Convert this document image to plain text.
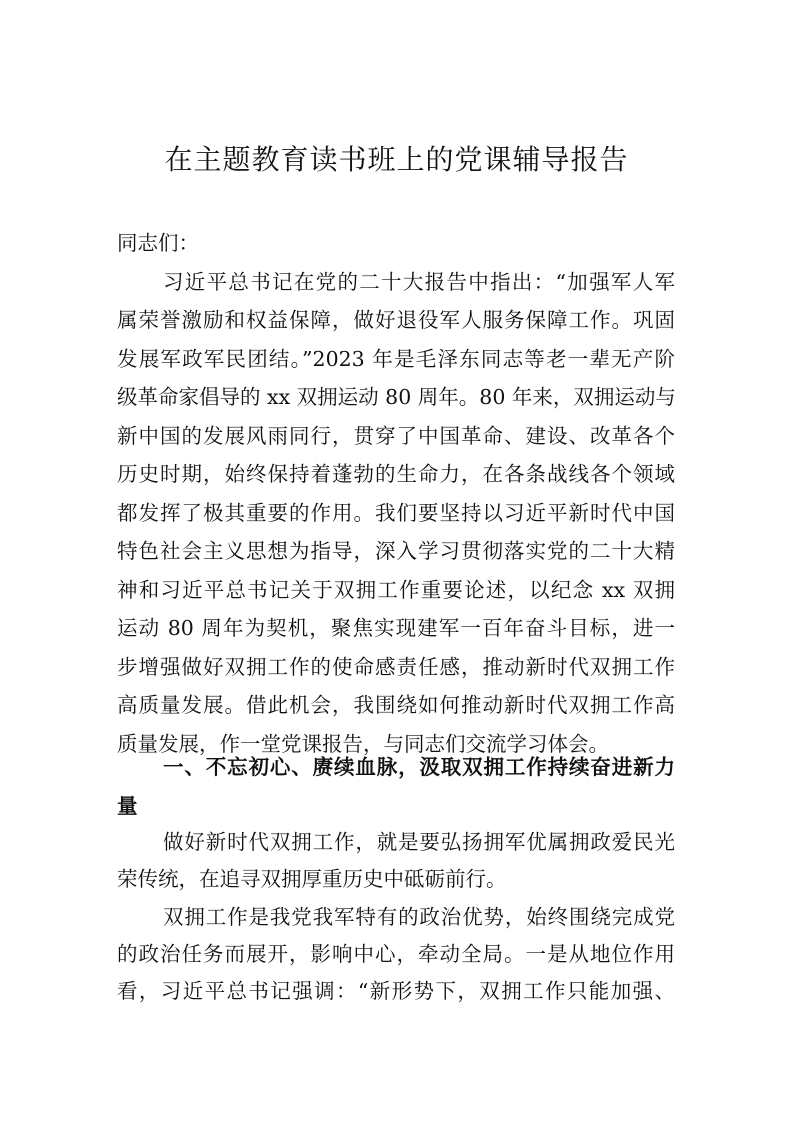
在主题教育读书班上的党课辅导报告
同志们：
习近平总书记在党的二十大报告中指出：“加强军人军
属荣誉激励和权益保障，做好退役军人服务保障工作。巩固
发展军政军民团结。”2023 年是毛泽东同志等老一辈无产阶
级革命家倡导的 xx 双拥运动 80 周年。80 年来，双拥运动与
新中国的发展风雨同行，贯穿了中国革命、建设、改革各个
历史时期，始终保持着蓬勃的生命力，在各条战线各个领域
都发挥了极其重要的作用。我们要坚持以习近平新时代中国
特色社会主义思想为指导，深入学习贯彻落实党的二十大精
神和习近平总书记关于双拥工作重要论述，以纪念 xx 双拥
运动 80 周年为契机，聚焦实现建军一百年奋斗目标，进一
步增强做好双拥工作的使命感责任感，推动新时代双拥工作
高质量发展。借此机会，我围绕如何推动新时代双拥工作高
质量发展，作一堂党课报告，与同志们交流学习体会。
一、不忘初心、赓续血脉，汲取双拥工作持续奋进新力
量
做好新时代双拥工作，就是要弘扬拥军优属拥政爱民光
荣传统，在追寻双拥厚重历史中砥砺前行。
双拥工作是我党我军特有的政治优势，始终围绕完成党
的政治任务而展开，影响中心，牵动全局。一是从地位作用
看，习近平总书记强调：“新形势下，双拥工作只能加强、
